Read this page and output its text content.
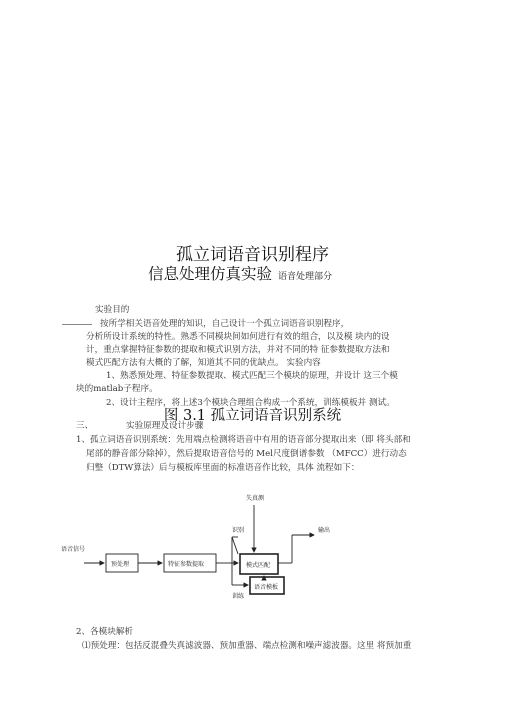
孤立词语音识别程序
信息处理仿真实验 语音处理部分
实验目的
按所学相关语音处理的知识，自己设计一个孤立词语音识别程序，
分析所设计系统的特性。熟悉不同模块间如何进行有效的组合，以及模 块内的设
计，重点掌握特征参数的提取和模式识别方法，并对不同的特 征参数提取方法和
模式匹配方法有大概的了解，知道其不同的优缺点。 实验内容
1、熟悉预处理、特征参数提取、模式匹配三个模块的原理，并设计 这三个模
块的matlab子程序。
2、设计主程序，将上述3个模块合理组合构成一个系统，训练模板并 测试。
三、	实验原理及设计步骤
1、孤立词语音识别系统：先用端点检测将语音中有用的语音部分提取出来（即 将头部和
尾部的静音部分除掉），然后提取语音信号的 Mel尺度倒谱参数 （MFCC）进行动态
归整（DTW算法）后与模板库里面的标准语音作比较，具体 流程如下：
失真测
语音信号
预处理	特征参数提取
识别
模式匹配
输出
训练
语音模板
图 3.1 孤立词语音识别系统
2、各模块解析
⑴预处理：包括反混叠失真滤波器、预加重器、端点检测和噪声滤波器。这里 将预加重
